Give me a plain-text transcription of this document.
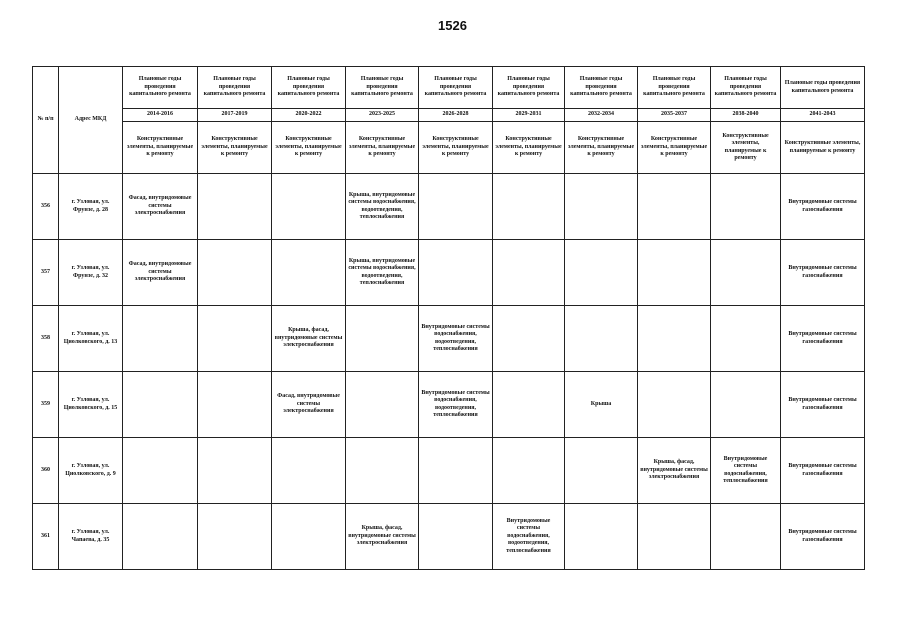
1526
№ п/п	Адрес МКД	Плановые годы проведения капитального ремонта	Плановые годы проведения капитального ремонта	Плановые годы проведения капитального ремонта	Плановые годы проведения капитального ремонта	Плановые годы проведения капитального ремонта	Плановые годы проведения капитального ремонта	Плановые годы проведения капитального ремонта	Плановые годы проведения капитального ремонта	Плановые годы проведения капитального ремонта	Плановые годы проведения капитального ремонта
		2014-2016	2017-2019	2020-2022	2023-2025	2026-2028	2029-2031	2032-2034	2035-2037	2038-2040	2041-2043
		Конструктивные элементы, планируемые к ремонту	Конструктивные элементы, планируемые к ремонту	Конструктивные элементы, планируемые к ремонту	Конструктивные элементы, планируемые к ремонту	Конструктивные элементы, планируемые к ремонту	Конструктивные элементы, планируемые к ремонту	Конструктивные элементы, планируемые к ремонту	Конструктивные элементы, планируемые к ремонту	Конструктивные элементы, планируемые к ремонту	Конструктивные элементы, планируемые к ремонту
356	г. Узловая, ул. Фрунзе, д. 28	Фасад, внутридомовые системы электроснабжения			Крыша, внутридомовые системы водоснабжения, водоотведения, теплоснабжения						Внутридомовые системы газоснабжения
357	г. Узловая, ул. Фрунзе, д. 32	Фасад, внутридомовые системы электроснабжения			Крыша, внутридомовые системы водоснабжения, водоотведения, теплоснабжения						Внутридомовые системы газоснабжения
358	г. Узловая, ул. Циолковского, д. 13			Крыша, фасад, внутридомовые системы электроснабжения		Внутридомовые системы водоснабжения, водоотведения, теплоснабжения					Внутридомовые системы газоснабжения
359	г. Узловая, ул. Циолковского, д. 15			Фасад, внутридомовые системы электроснабжения		Внутридомовые системы водоснабжения, водоотведения, теплоснабжения		Крыша			Внутридомовые системы газоснабжения
360	г. Узловая, ул. Циолковского, д. 9								Крыша, фасад, внутридомовые системы электроснабжения	Внутридомовые системы водоснабжения, теплоснабжения	Внутридомовые системы газоснабжения
361	г. Узловая, ул. Чапаева, д. 35				Крыша, фасад, внутридомовые системы электроснабжения		Внутридомовые системы водоснабжения, водоотведения, теплоснабжения				Внутридомовые системы газоснабжения
